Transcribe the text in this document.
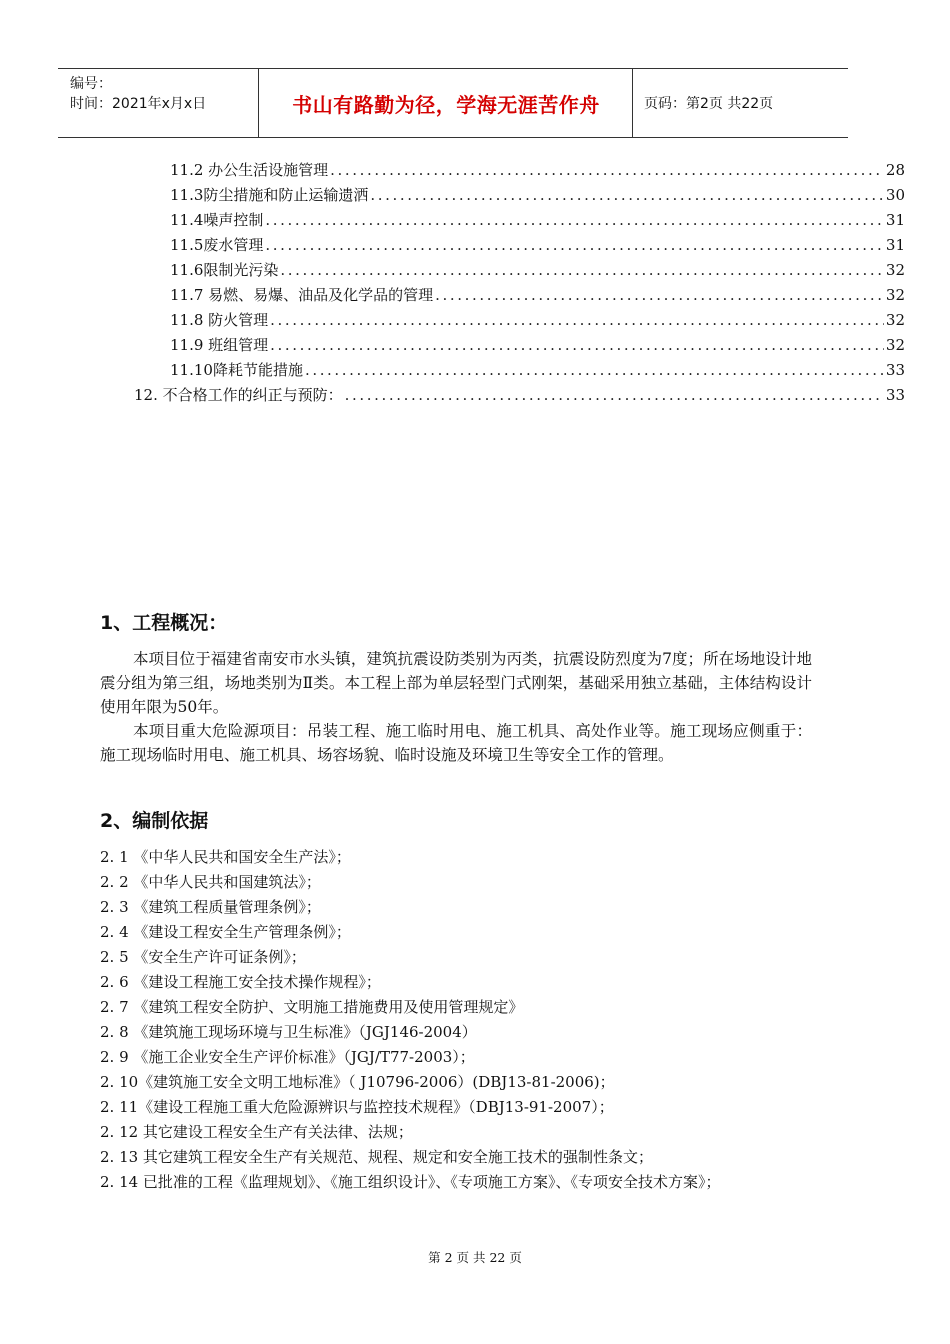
编号：
时间：2021年x月x日	书山有路勤为径，学海无涯苦作舟	页码：第2页 共22页
11.2 办公生活设施管理 .....	28
11.3防尘措施和防止运输遗洒 .....	30
11.4噪声控制 .....	31
11.5废水管理 .....	31
11.6限制光污染 .....	32
11.7 易燃、易爆、油品及化学品的管理 .....	32
11.8 防火管理 .....	32
11.9 班组管理 .....	32
11.10降耗节能措施 .....	33
12. 不合格工作的纠正与预防： .....	33
1、工程概况：
本项目位于福建省南安市水头镇，建筑抗震设防类别为丙类，抗震设防烈度为7度；所在场地设计地震分组为第三组，场地类别为Ⅱ类。本工程上部为单层轻型门式刚架，基础采用独立基础，主体结构设计使用年限为50年。
本项目重大危险源项目：吊装工程、施工临时用电、施工机具、高处作业等。施工现场应侧重于：施工现场临时用电、施工机具、场容场貌、临时设施及环境卫生等安全工作的管理。
2、编制依据
2. 1 《中华人民共和国安全生产法》；
2. 2 《中华人民共和国建筑法》；
2. 3 《建筑工程质量管理条例》；
2. 4 《建设工程安全生产管理条例》；
2. 5 《安全生产许可证条例》；
2. 6 《建设工程施工安全技术操作规程》；
2. 7 《建筑工程安全防护、文明施工措施费用及使用管理规定》
2. 8 《建筑施工现场环境与卫生标准》（JGJ146-2004）
2. 9 《施工企业安全生产评价标准》（JGJ/T77-2003）；
2. 10《建筑施工安全文明工地标准》（ J10796-2006）(DBJ13-81-2006)；
2. 11《建设工程施工重大危险源辨识与监控技术规程》（DBJ13-91-2007）；
2. 12 其它建设工程安全生产有关法律、法规；
2. 13 其它建筑工程安全生产有关规范、规程、规定和安全施工技术的强制性条文；
2. 14 已批准的工程《监理规划》、《施工组织设计》、《专项施工方案》、《专项安全技术方案》；
第 2 页 共 22 页
